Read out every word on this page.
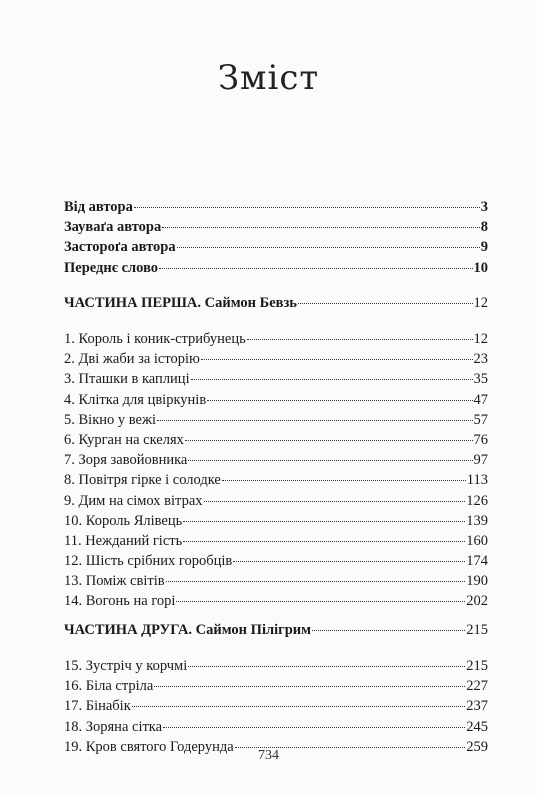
Зміст
Від автора	3
Зауваґа автора	8
Застороґа автора	9
Переднє слово	10
ЧАСТИНА ПЕРША. Саймон Бевзь	12
1. Король і коник-стрибунець	12
2. Дві жаби за історію	23
3. Пташки в каплиці	35
4. Клітка для цвіркунів	47
5. Вікно у вежі	57
6. Курган на скелях	76
7. Зоря завойовника	97
8. Повітря гірке і солодке	113
9. Дим на сімох вітрах	126
10. Король Ялівець	139
11. Нежданий гість	160
12. Шість срібних горобців	174
13. Поміж світів	190
14. Вогонь на горі	202
ЧАСТИНА ДРУГА. Саймон Пілігрим	215
15. Зустріч у корчмі	215
16. Біла стріла	227
17. Бінабік	237
18. Зоряна сітка	245
19. Кров святого Годерунда	259
734
